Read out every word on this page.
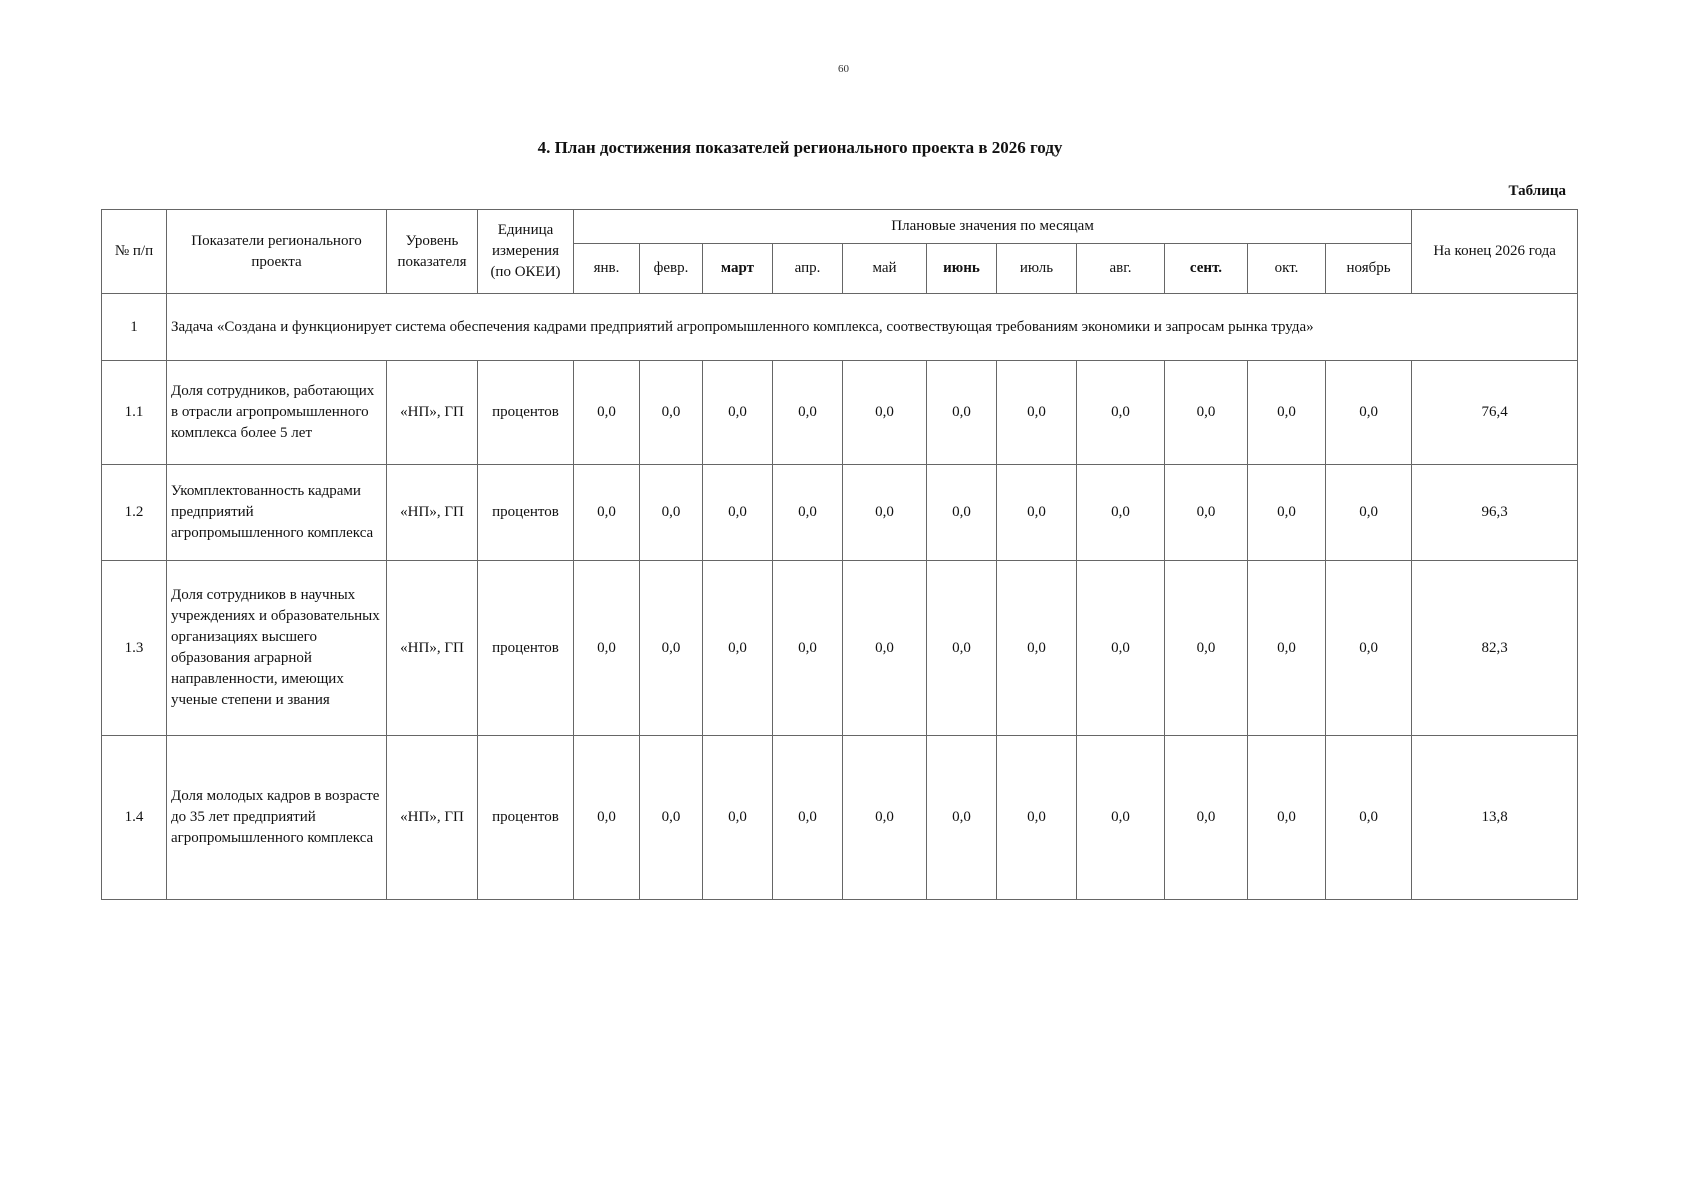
60
4. План достижения показателей регионального проекта в 2026 году
Таблица
№ п/п	Показатели регионального проекта	Уровень показателя	Единица измерения (по ОКЕИ)	Плановые значения по месяцам											На конец 2026 года
				янв.	февр.	март	апр.	май	июнь	июль	авг.	сент.	окт.	ноябрь	
1	Задача «Создана и функционирует система обеспечения кадрами предприятий агропромышленного комплекса, соотвествующая требованиям экономики и запросам рынка труда»														
1.1	Доля сотрудников, работающих в отрасли агропромышленного комплекса более 5 лет	«НП», ГП	процентов	0,0	0,0	0,0	0,0	0,0	0,0	0,0	0,0	0,0	0,0	0,0	76,4
1.2	Укомплектованность кадрами предприятий агропромышленного комплекса	«НП», ГП	процентов	0,0	0,0	0,0	0,0	0,0	0,0	0,0	0,0	0,0	0,0	0,0	96,3
1.3	Доля сотрудников в научных учреждениях и образовательных организациях высшего образования аграрной направленности, имеющих ученые степени и звания	«НП», ГП	процентов	0,0	0,0	0,0	0,0	0,0	0,0	0,0	0,0	0,0	0,0	0,0	82,3
1.4	Доля молодых кадров в возрасте до 35 лет предприятий агропромышленного комплекса	«НП», ГП	процентов	0,0	0,0	0,0	0,0	0,0	0,0	0,0	0,0	0,0	0,0	0,0	13,8
